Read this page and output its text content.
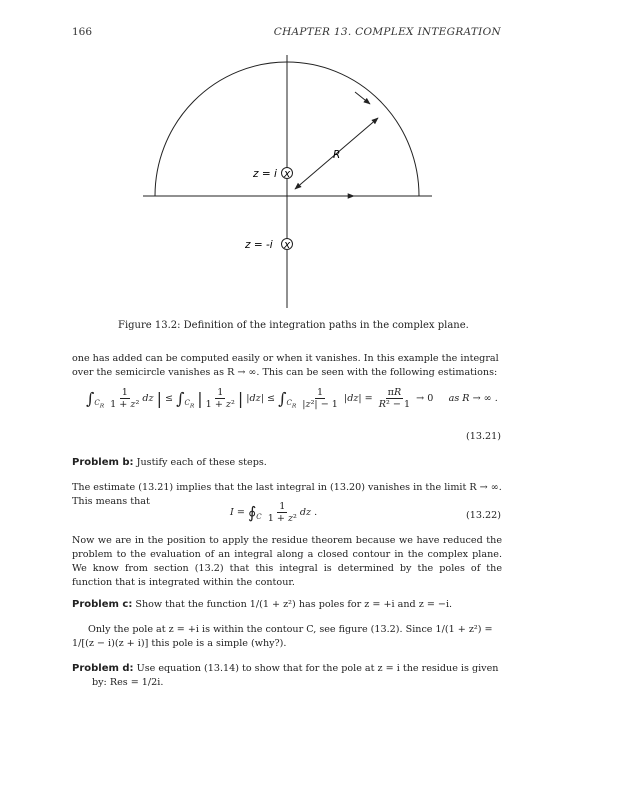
166	CHAPTER 13. COMPLEX INTEGRATION
x
x
R
z = i
z = -i
Figure 13.2: Definition of the integration paths in the complex plane.
one has added can be computed easily or when it vanishes. In this example the integral
over the semicircle vanishes as R → ∞. This can be seen with the following estimations:
$\int_{C_R} \frac{1}{\text{1 + z²}}$ dz | ≤ $\int_{C_R}$ | $\frac{1}{\text{1 + z²}}$ | $|dz| \le \int_{C_R} \frac{1}{\text{|z²| − 1}} |dz| = \frac{\pi R}{\text{R² − 1}} \to 0$ as R → ∞ .
(13.21)
Problem b: Justify each of these steps.
The estimate (13.21) implies that the last integral in (13.20) vanishes in the limit R → ∞.
This means that
$I = ∮_C \frac{1}{\text{1 + z²}}$ dz .	(13.22)
Now we are in the position to apply the residue theorem because we have reduced the problem to the evaluation of an integral along a closed contour in the complex plane. We know from section (13.2) that this integral is determined by the poles of the function that is integrated within the contour.
Problem c: Show that the function 1/(1 + z²) has poles for z = +i and z = −i.
Only the pole at z = +i is within the contour C, see figure (13.2). Since 1/(1 + z²) =
1/[(z − i)(z + i)] this pole is a simple (why?).
Problem d: Use equation (13.14) to show that for the pole at z = i the residue is given
by: Res = 1/2i.
